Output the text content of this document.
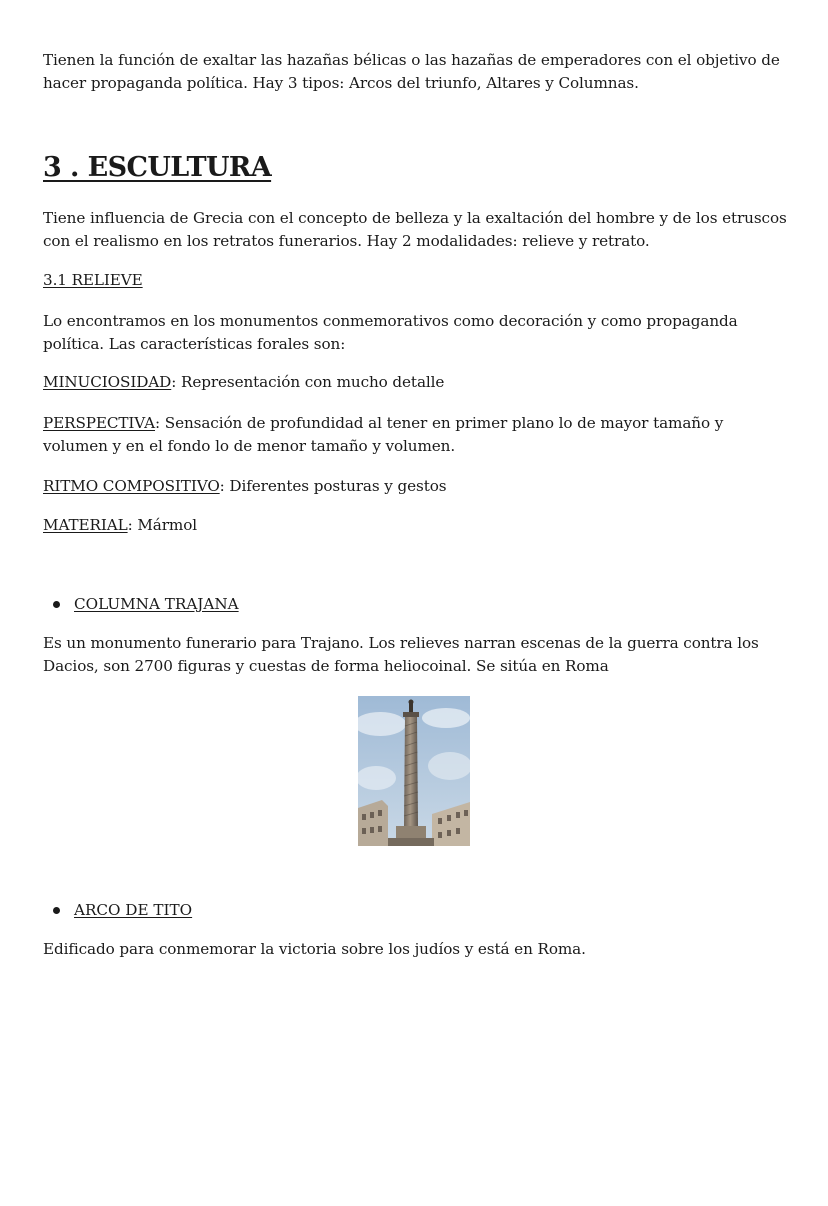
Tienen la función de exaltar las hazañas bélicas o las hazañas de emperadores con el objetivo de hacer propaganda política. Hay 3 tipos: Arcos del triunfo, Altares y Columnas.
3 . ESCULTURA
Tiene influencia de Grecia con el concepto de belleza y la exaltación del hombre y de los etruscos con el realismo en los retratos funerarios. Hay 2 modalidades: relieve y retrato.
3.1 RELIEVE
Lo encontramos en los monumentos conmemorativos como decoración y como propaganda política. Las características forales son:
MINUCIOSIDAD: Representación con mucho detalle
PERSPECTIVA: Sensación de profundidad al tener en primer plano lo de mayor tamaño y volumen y en el fondo lo de menor tamaño y volumen.
RITMO COMPOSITIVO: Diferentes posturas y gestos
MATERIAL: Mármol
COLUMNA TRAJANA
Es un monumento funerario para Trajano. Los relieves narran escenas de la guerra contra los Dacios, son 2700 figuras y cuestas de forma heliocoinal. Se sitúa en Roma
ARCO DE TITO
Edificado para conmemorar la victoria sobre los judíos y está en Roma.
